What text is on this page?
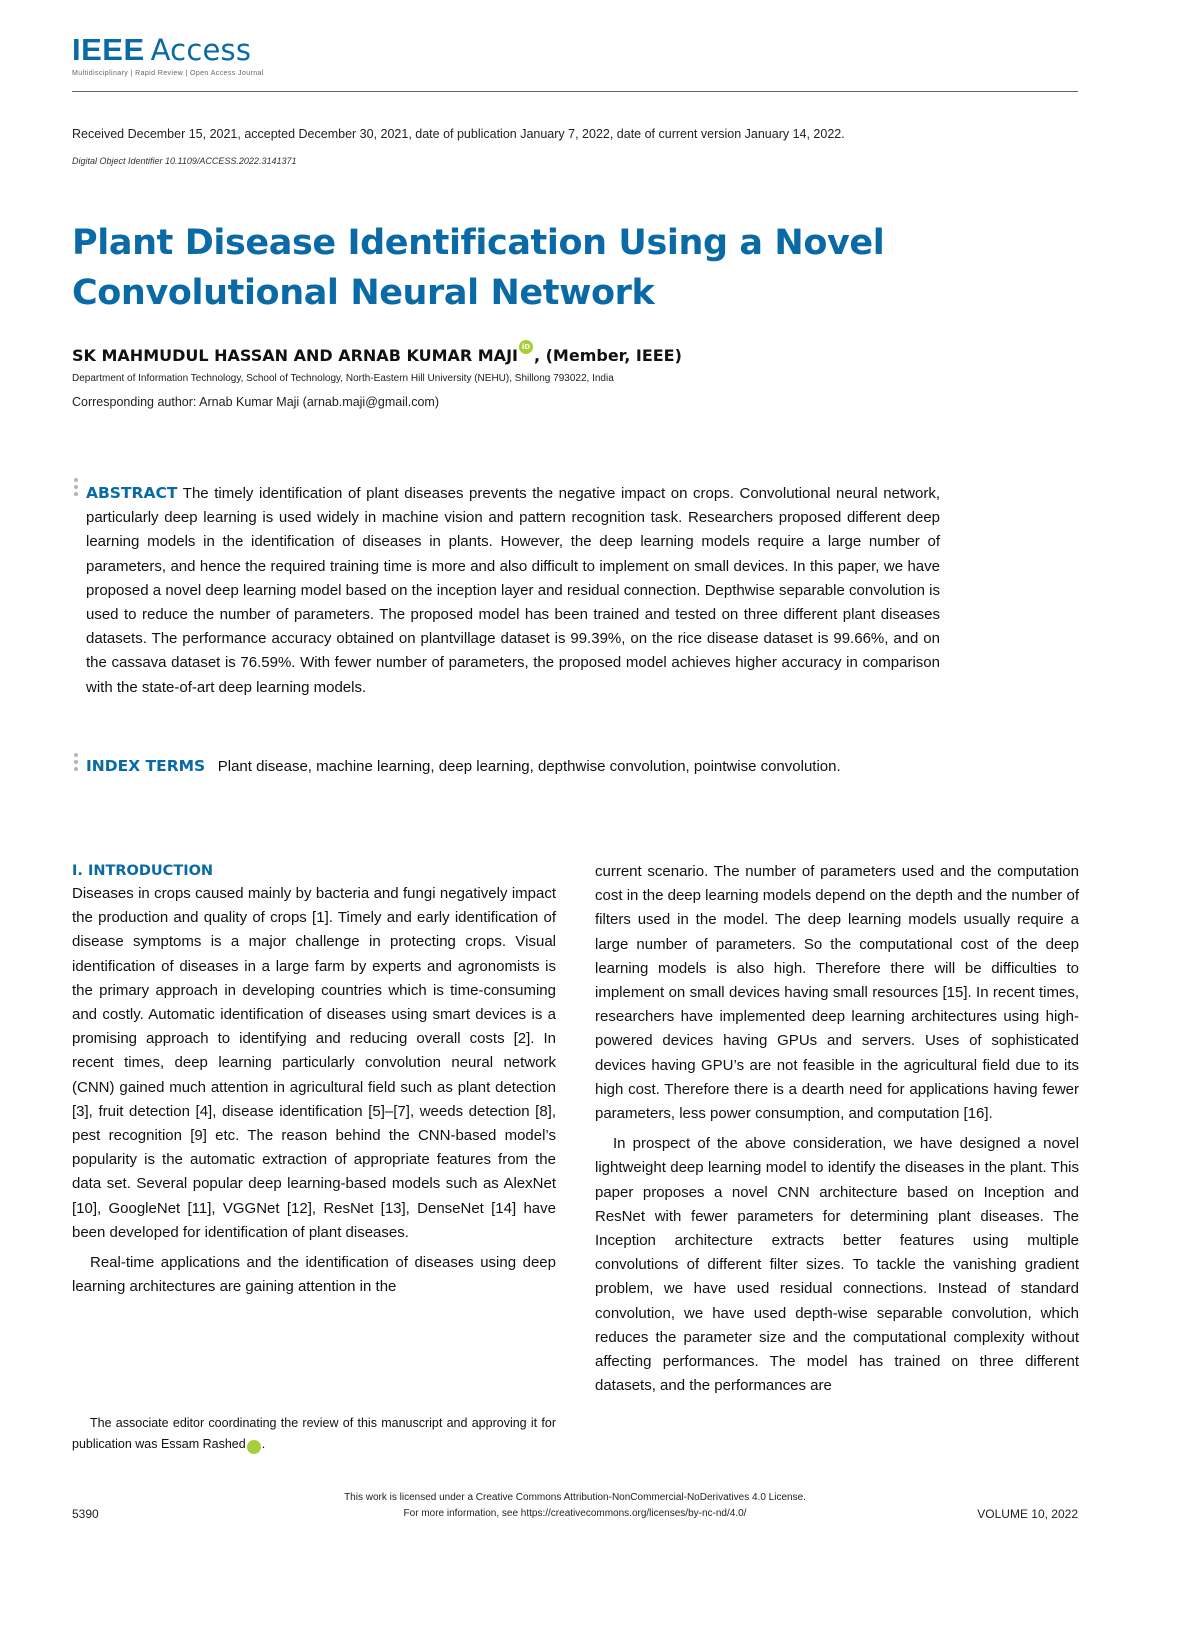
IEEE Access
Multidisciplinary | Rapid Review | Open Access Journal
Received December 15, 2021, accepted December 30, 2021, date of publication January 7, 2022, date of current version January 14, 2022.
Digital Object Identifier 10.1109/ACCESS.2022.3141371
Plant Disease Identification Using a Novel Convolutional Neural Network
SK MAHMUDUL HASSAN AND ARNAB KUMAR MAJI iD , (Member, IEEE)
Department of Information Technology, School of Technology, North-Eastern Hill University (NEHU), Shillong 793022, India
Corresponding author: Arnab Kumar Maji (arnab.maji@gmail.com)

ABSTRACT The timely identification of plant diseases prevents the negative impact on crops. Convolutional neural network, particularly deep learning is used widely in machine vision and pattern recognition task. Researchers proposed different deep learning models in the identification of diseases in plants. However, the deep learning models require a large number of parameters, and hence the required training time is more and also difficult to implement on small devices. In this paper, we have proposed a novel deep learning model based on the inception layer and residual connection. Depthwise separable convolution is used to reduce the number of parameters. The proposed model has been trained and tested on three different plant diseases datasets. The performance accuracy obtained on plantvillage dataset is 99.39%, on the rice disease dataset is 99.66%, and on the cassava dataset is 76.59%. With fewer number of parameters, the proposed model achieves higher accuracy in comparison with the state-of-art deep learning models.

INDEX TERMS Plant disease, machine learning, deep learning, depthwise convolution, pointwise convolution.

I. INTRODUCTION

Diseases in crops caused mainly by bacteria and fungi negatively impact the production and quality of crops [1]. Timely and early identification of disease symptoms is a major challenge in protecting crops. Visual identification of diseases in a large farm by experts and agronomists is the primary approach in developing countries which is time-consuming and costly. Automatic identification of diseases using smart devices is a promising approach to identifying and reducing overall costs [2]. In recent times, deep learning particularly convolution neural network (CNN) gained much attention in agricultural field such as plant detection [3], fruit detection [4], disease identification [5]–[7], weeds detection [8], pest recognition [9] etc. The reason behind the CNN-based model’s popularity is the automatic extraction of appropriate features from the data set. Several popular deep learning-based models such as AlexNet [10], GoogleNet [11], VGGNet [12], ResNet [13], DenseNet [14] have been developed for identification of plant diseases.

Real-time applications and the identification of diseases using deep learning architectures are gaining attention in the

current scenario. The number of parameters used and the computation cost in the deep learning models depend on the depth and the number of filters used in the model. The deep learning models usually require a large number of parameters. So the computational cost of the deep learning models is also high. Therefore there will be difficulties to implement on small devices having small resources [15]. In recent times, researchers have implemented deep learning architectures using high-powered devices having GPUs and servers. Uses of sophisticated devices having GPU’s are not feasible in the agricultural field due to its high cost. Therefore there is a dearth need for applications having fewer parameters, less power consumption, and computation [16].

In prospect of the above consideration, we have designed a novel lightweight deep learning model to identify the diseases in the plant. This paper proposes a novel CNN architecture based on Inception and ResNet with fewer parameters for determining plant diseases. The Inception architecture extracts better features using multiple convolutions of different filter sizes. To tackle the vanishing gradient problem, we have used residual connections. Instead of standard convolution, we have used depth-wise separable convolution, which reduces the parameter size and the computational complexity without affecting performances. The model has trained on three different datasets, and the performances are

The associate editor coordinating the review of this manuscript and approving it for publication was Essam Rashed	iD.

This work is licensed under a Creative Commons Attribution-NonCommercial-NoDerivatives 4.0 License.
For more information, see https://creativecommons.org/licenses/by-nc-nd/4.0/
5390	VOLUME 10, 2022
